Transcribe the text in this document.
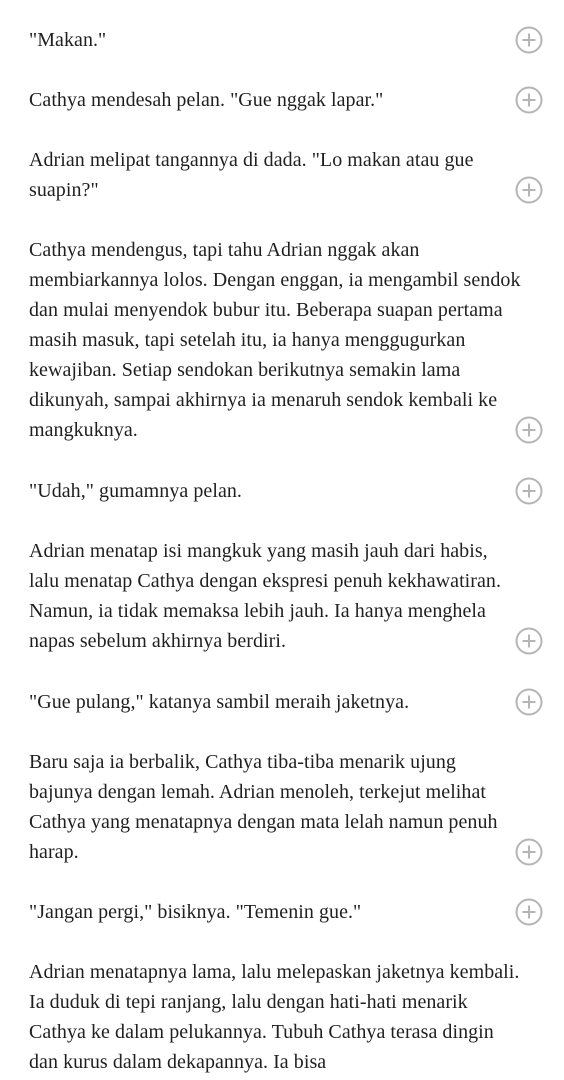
"Makan."
Cathya mendesah pelan. "Gue nggak lapar."
Adrian melipat tangannya di dada. "Lo makan atau gue suapin?"
Cathya mendengus, tapi tahu Adrian nggak akan membiarkannya lolos. Dengan enggan, ia mengambil sendok dan mulai menyendok bubur itu. Beberapa suapan pertama masih masuk, tapi setelah itu, ia hanya menggugurkan kewajiban. Setiap sendokan berikutnya semakin lama dikunyah, sampai akhirnya ia menaruh sendok kembali ke mangkuknya.
"Udah," gumamnya pelan.
Adrian menatap isi mangkuk yang masih jauh dari habis, lalu menatap Cathya dengan ekspresi penuh kekhawatiran. Namun, ia tidak memaksa lebih jauh. Ia hanya menghela napas sebelum akhirnya berdiri.
"Gue pulang," katanya sambil meraih jaketnya.
Baru saja ia berbalik, Cathya tiba-tiba menarik ujung bajunya dengan lemah. Adrian menoleh, terkejut melihat Cathya yang menatapnya dengan mata lelah namun penuh harap.
"Jangan pergi," bisiknya. "Temenin gue."
Adrian menatapnya lama, lalu melepaskan jaketnya kembali. Ia duduk di tepi ranjang, lalu dengan hati-hati menarik Cathya ke dalam pelukannya. Tubuh Cathya terasa dingin dan kurus dalam dekapannya. Ia bisa
